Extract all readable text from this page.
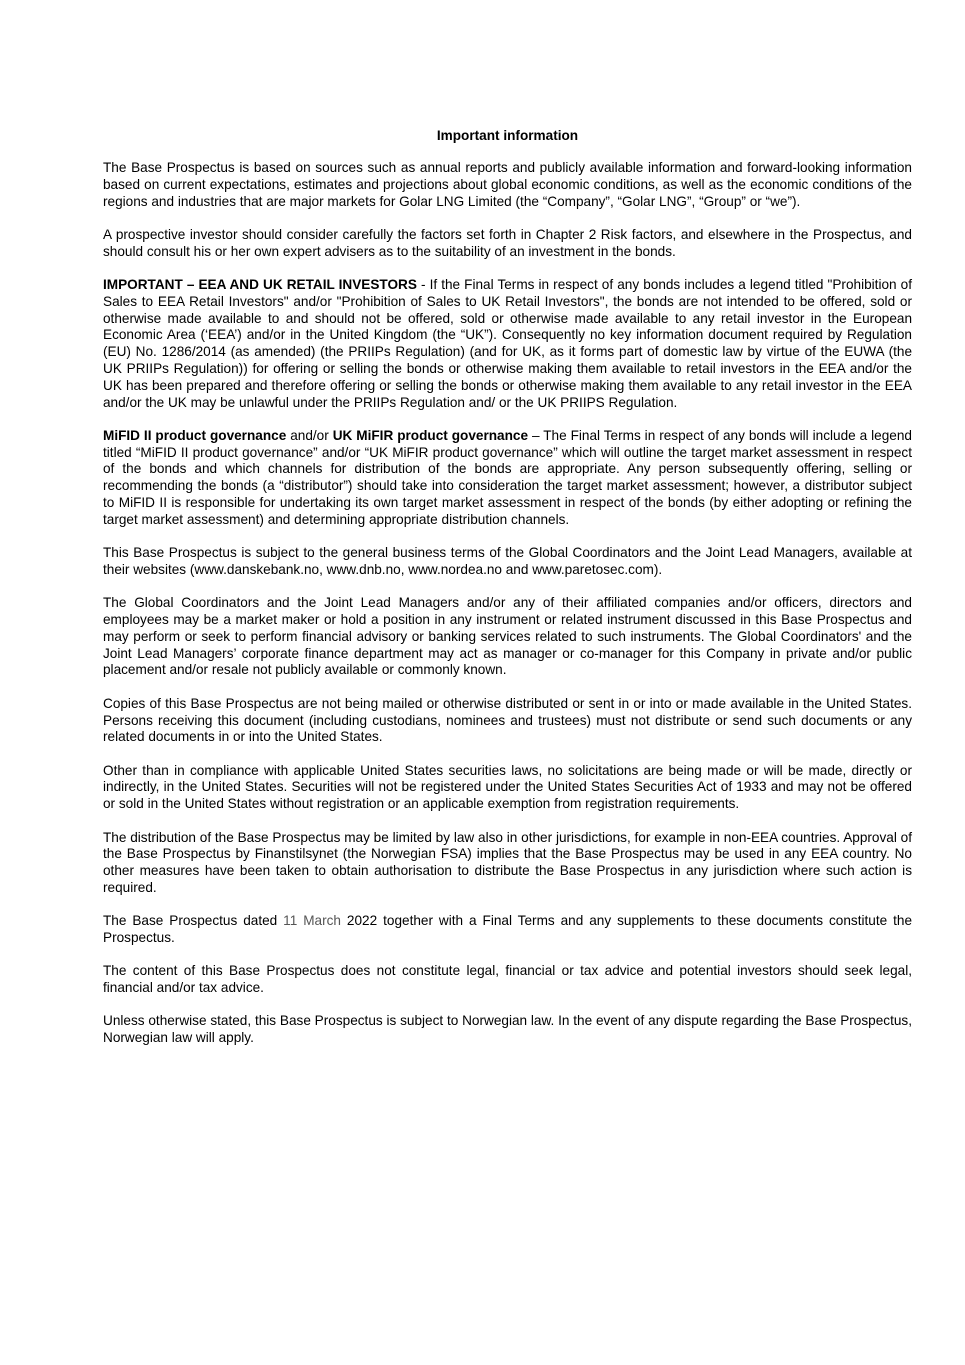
Important information

The Base Prospectus is based on sources such as annual reports and publicly available information and forward-looking information based on current expectations, estimates and projections about global economic conditions, as well as the economic conditions of the regions and industries that are major markets for Golar LNG Limited (the “Company”, “Golar LNG”, “Group” or “we”).

A prospective investor should consider carefully the factors set forth in Chapter 2 Risk factors, and elsewhere in the Prospectus, and should consult his or her own expert advisers as to the suitability of an investment in the bonds.

IMPORTANT – EEA AND UK RETAIL INVESTORS - If the Final Terms in respect of any bonds includes a legend titled "Prohibition of Sales to EEA Retail Investors" and/or "Prohibition of Sales to UK Retail Investors", the bonds are not intended to be offered, sold or otherwise made available to and should not be offered, sold or otherwise made available to any retail investor in the European Economic Area (‘EEA’) and/or in the United Kingdom (the “UK”). Consequently no key information document required by Regulation (EU) No. 1286/2014 (as amended) (the PRIIPs Regulation) (and for UK, as it forms part of domestic law by virtue of the EUWA (the UK PRIIPs Regulation)) for offering or selling the bonds or otherwise making them available to retail investors in the EEA and/or the UK has been prepared and therefore offering or selling the bonds or otherwise making them available to any retail investor in the EEA and/or the UK may be unlawful under the PRIIPs Regulation and/ or the UK PRIIPS Regulation.

MiFID II product governance and/or UK MiFIR product governance – The Final Terms in respect of any bonds will include a legend titled “MiFID II product governance” and/or “UK MiFIR product governance” which will outline the target market assessment in respect of the bonds and which channels for distribution of the bonds are appropriate. Any person subsequently offering, selling or recommending the bonds (a “distributor”) should take into consideration the target market assessment; however, a distributor subject to MiFID II is responsible for undertaking its own target market assessment in respect of the bonds (by either adopting or refining the target market assessment) and determining appropriate distribution channels.

This Base Prospectus is subject to the general business terms of the Global Coordinators and the Joint Lead Managers, available at their websites (www.danskebank.no, www.dnb.no, www.nordea.no and www.paretosec.com).

The Global Coordinators and the Joint Lead Managers and/or any of their affiliated companies and/or officers, directors and employees may be a market maker or hold a position in any instrument or related instrument discussed in this Base Prospectus and may perform or seek to perform financial advisory or banking services related to such instruments. The Global Coordinators' and the Joint Lead Managers’ corporate finance department may act as manager or co-manager for this Company in private and/or public placement and/or resale not publicly available or commonly known.

Copies of this Base Prospectus are not being mailed or otherwise distributed or sent in or into or made available in the United States. Persons receiving this document (including custodians, nominees and trustees) must not distribute or send such documents or any related documents in or into the United States.

Other than in compliance with applicable United States securities laws, no solicitations are being made or will be made, directly or indirectly, in the United States. Securities will not be registered under the United States Securities Act of 1933 and may not be offered or sold in the United States without registration or an applicable exemption from registration requirements.

The distribution of the Base Prospectus may be limited by law also in other jurisdictions, for example in non-EEA countries. Approval of the Base Prospectus by Finanstilsynet (the Norwegian FSA) implies that the Base Prospectus may be used in any EEA country. No other measures have been taken to obtain authorisation to distribute the Base Prospectus in any jurisdiction where such action is required.

The Base Prospectus dated 11 March 2022 together with a Final Terms and any supplements to these documents constitute the Prospectus.

The content of this Base Prospectus does not constitute legal, financial or tax advice and potential investors should seek legal, financial and/or tax advice.

Unless otherwise stated, this Base Prospectus is subject to Norwegian law. In the event of any dispute regarding the Base Prospectus, Norwegian law will apply.
